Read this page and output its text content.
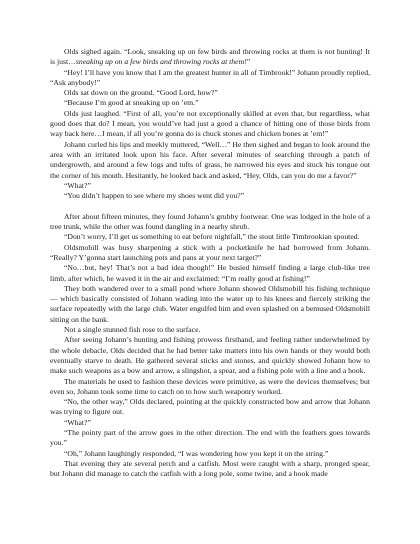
Olds sighed again. “Look, sneaking up on few birds and throwing rocks at them is not hunting! It is just…sneaking up on a few birds and throwing rocks at them!”

“Hey! I’ll have you know that I am the greatest hunter in all of Timbrook!” Johann proudly replied, “Ask anybody!”

Olds sat down on the ground. “Good Lord, how?”

“Because I’m good at sneaking up on ’em.”

Olds just laughed. “First of all, you’re not exceptionally skilled at even that, but regardless, what good does that do? I mean, you would’ve had just a good a chance of hitting one of those birds from way back here…I mean, if all you’re gonna do is chuck stones and chicken bones at ’em!”

Johann curled his lips and meekly muttered, “Well…” He then sighed and began to look around the area with an irritated look upon his face. After several minutes of searching through a patch of undergrowth, and around a few logs and tufts of grass, he narrowed his eyes and stuck his tongue out the corner of his mouth. Hesitantly, he looked back and asked, “Hey, Olds, can you do me a favor?”

“What?”

“You didn’t happen to see where my shoes went did you?”

After about fifteen minutes, they found Johann’s grubby footwear. One was lodged in the hole of a tree trunk, while the other was found dangling in a nearby shrub.

“Don’t worry, I’ll get us something to eat before nightfall,” the stout little Timbrookian spouted.

Oldsmobill was busy sharpening a stick with a pocketknife he had borrowed from Johann. “Really? Y’gonna start launching pots and pans at your next target?”

“No…but, hey! That’s not a bad idea though!” He busied himself finding a large club-like tree limb, after which, he waved it in the air and exclaimed: “I’m really good at fishing!”

They both wandered over to a small pond where Johann showed Oldsmobill his fishing technique — which basically consisted of Johann wading into the water up to his knees and fiercely striking the surface repeatedly with the large club. Water engulfed him and even splashed on a bemused Oldsmobill sitting on the bank.

Not a single stunned fish rose to the surface.

After seeing Johann’s hunting and fishing prowess firsthand, and feeling rather underwhelmed by the whole debacle, Olds decided that he had better take matters into his own hands or they would both eventually starve to death. He gathered several sticks and stones, and quickly showed Johann how to make such weapons as a bow and arrow, a slingshot, a spear, and a fishing pole with a line and a hook.

The materials he used to fashion these devices were primitive, as were the devices themselves; but even so, Johann took some time to catch on to how such weaponry worked.

“No, the other way,” Olds declared, pointing at the quickly constructed bow and arrow that Johann was trying to figure out.

“What?”

“The pointy part of the arrow goes in the other direction. The end with the feathers goes towards you.”

“Oh,” Johann laughingly responded, “I was wondering how you kept it on the string.”

That evening they ate several perch and a catfish. Most were caught with a sharp, pronged spear, but Johann did manage to catch the catfish with a long pole, some twine, and a hook made
